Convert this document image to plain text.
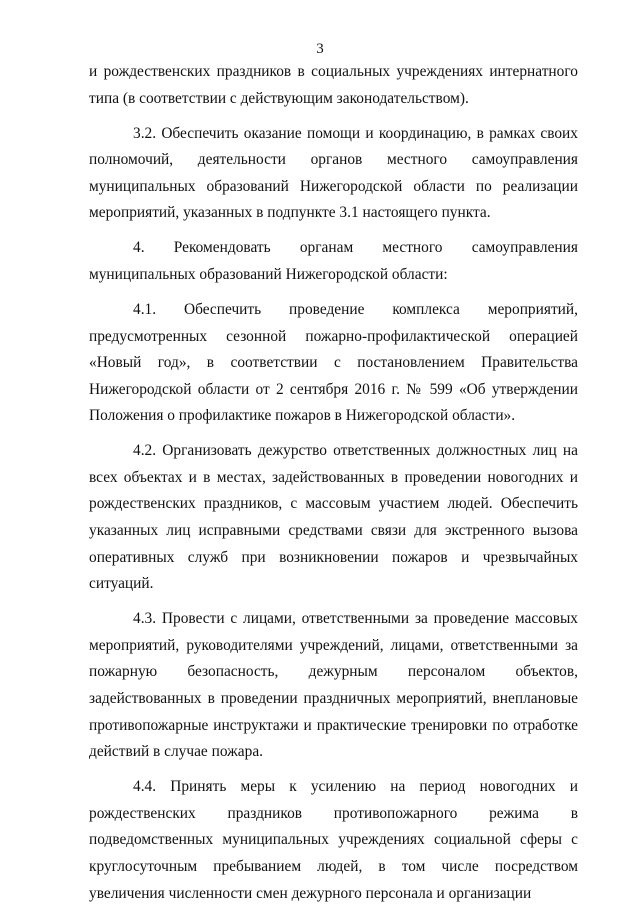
3

и рождественских праздников в социальных учреждениях интернатного типа (в соответствии с действующим законодательством).

3.2. Обеспечить оказание помощи и координацию, в рамках своих полномочий, деятельности органов местного самоуправления муниципальных образований Нижегородской области по реализации мероприятий, указанных в подпункте 3.1 настоящего пункта.

4. Рекомендовать органам местного самоуправления муниципальных образований Нижегородской области:

4.1. Обеспечить проведение комплекса мероприятий, предусмотренных сезонной пожарно-профилактической операцией «Новый год», в соответствии с постановлением Правительства Нижегородской области от 2 сентября 2016 г. № 599 «Об утверждении Положения о профилактике пожаров в Нижегородской области».

4.2. Организовать дежурство ответственных должностных лиц на всех объектах и в местах, задействованных в проведении новогодних и рождественских праздников, с массовым участием людей. Обеспечить указанных лиц исправными средствами связи для экстренного вызова оперативных служб при возникновении пожаров и чрезвычайных ситуаций.

4.3. Провести с лицами, ответственными за проведение массовых мероприятий, руководителями учреждений, лицами, ответственными за пожарную безопасность, дежурным персоналом объектов, задействованных в проведении праздничных мероприятий, внеплановые противопожарные инструктажи и практические тренировки по отработке действий в случае пожара.

4.4. Принять меры к усилению на период новогодних и рождественских праздников противопожарного режима в подведомственных муниципальных учреждениях социальной сферы с круглосуточным пребыванием людей, в том числе посредством увеличения численности смен дежурного персонала и организации
